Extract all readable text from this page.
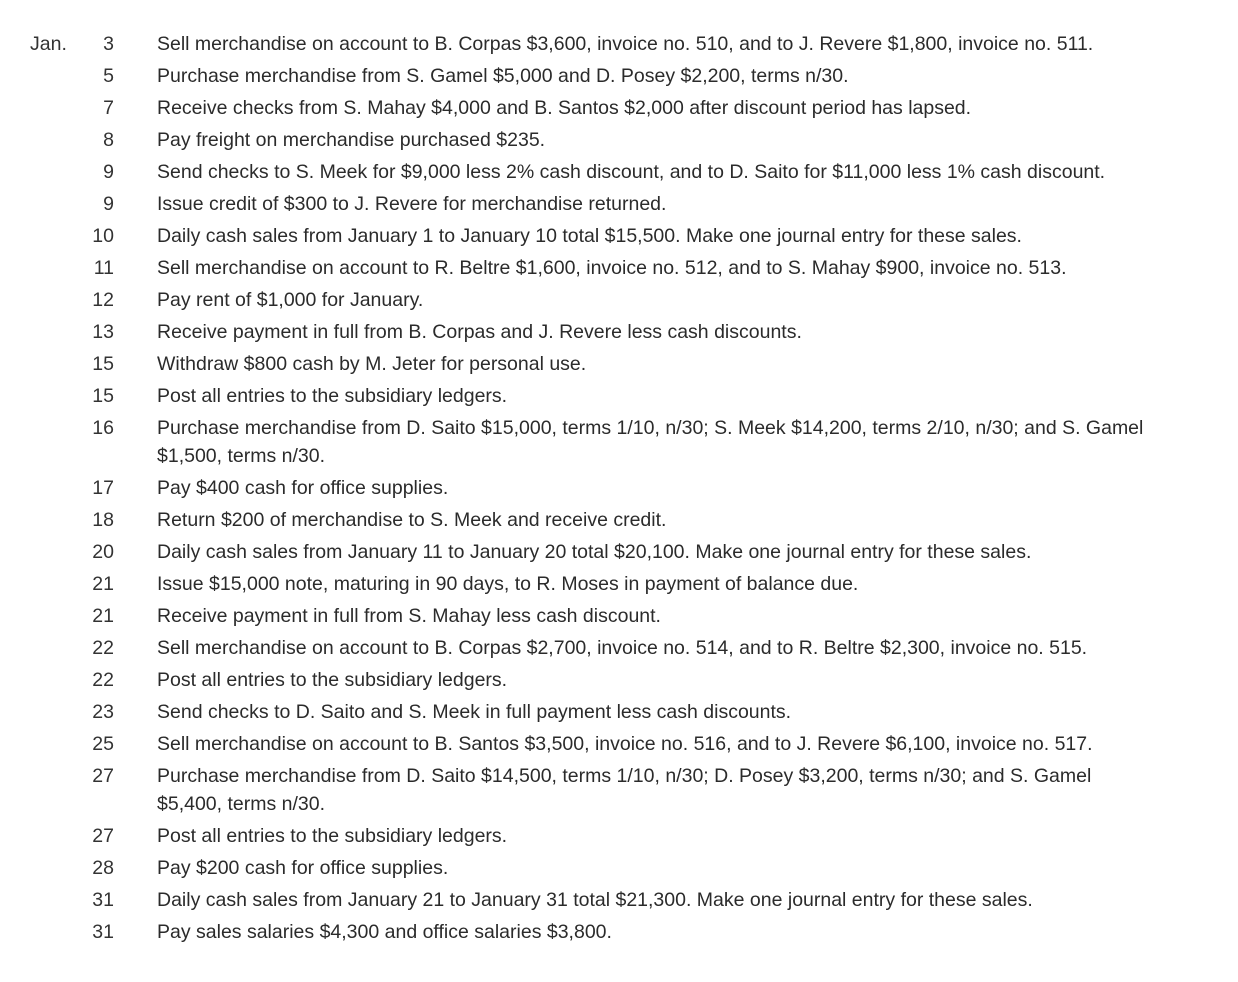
Jan.	3 Sell merchandise on account to B. Corpas $3,600, invoice no. 510, and to J. Revere $1,800, invoice no. 511.
5 Purchase merchandise from S. Gamel $5,000 and D. Posey $2,200, terms n/30.
7 Receive checks from S. Mahay $4,000 and B. Santos $2,000 after discount period has lapsed.
8 Pay freight on merchandise purchased $235.
9 Send checks to S. Meek for $9,000 less 2% cash discount, and to D. Saito for $11,000 less 1% cash discount.
9 Issue credit of $300 to J. Revere for merchandise returned.
10 Daily cash sales from January 1 to January 10 total $15,500. Make one journal entry for these sales.
11 Sell merchandise on account to R. Beltre $1,600, invoice no. 512, and to S. Mahay $900, invoice no. 513.
12 Pay rent of $1,000 for January.
13 Receive payment in full from B. Corpas and J. Revere less cash discounts.
15 Withdraw $800 cash by M. Jeter for personal use.
15 Post all entries to the subsidiary ledgers.
16 Purchase merchandise from D. Saito $15,000, terms 1/10, n/30; S. Meek $14,200, terms 2/10, n/30; and S. Gamel $1,500, terms n/30.
17 Pay $400 cash for office supplies.
18 Return $200 of merchandise to S. Meek and receive credit.
20 Daily cash sales from January 11 to January 20 total $20,100. Make one journal entry for these sales.
21 Issue $15,000 note, maturing in 90 days, to R. Moses in payment of balance due.
21 Receive payment in full from S. Mahay less cash discount.
22 Sell merchandise on account to B. Corpas $2,700, invoice no. 514, and to R. Beltre $2,300, invoice no. 515.
22 Post all entries to the subsidiary ledgers.
23 Send checks to D. Saito and S. Meek in full payment less cash discounts.
25 Sell merchandise on account to B. Santos $3,500, invoice no. 516, and to J. Revere $6,100, invoice no. 517.
27 Purchase merchandise from D. Saito $14,500, terms 1/10, n/30; D. Posey $3,200, terms n/30; and S. Gamel $5,400, terms n/30.
27 Post all entries to the subsidiary ledgers.
28 Pay $200 cash for office supplies.
31 Daily cash sales from January 21 to January 31 total $21,300. Make one journal entry for these sales.
31 Pay sales salaries $4,300 and office salaries $3,800.
